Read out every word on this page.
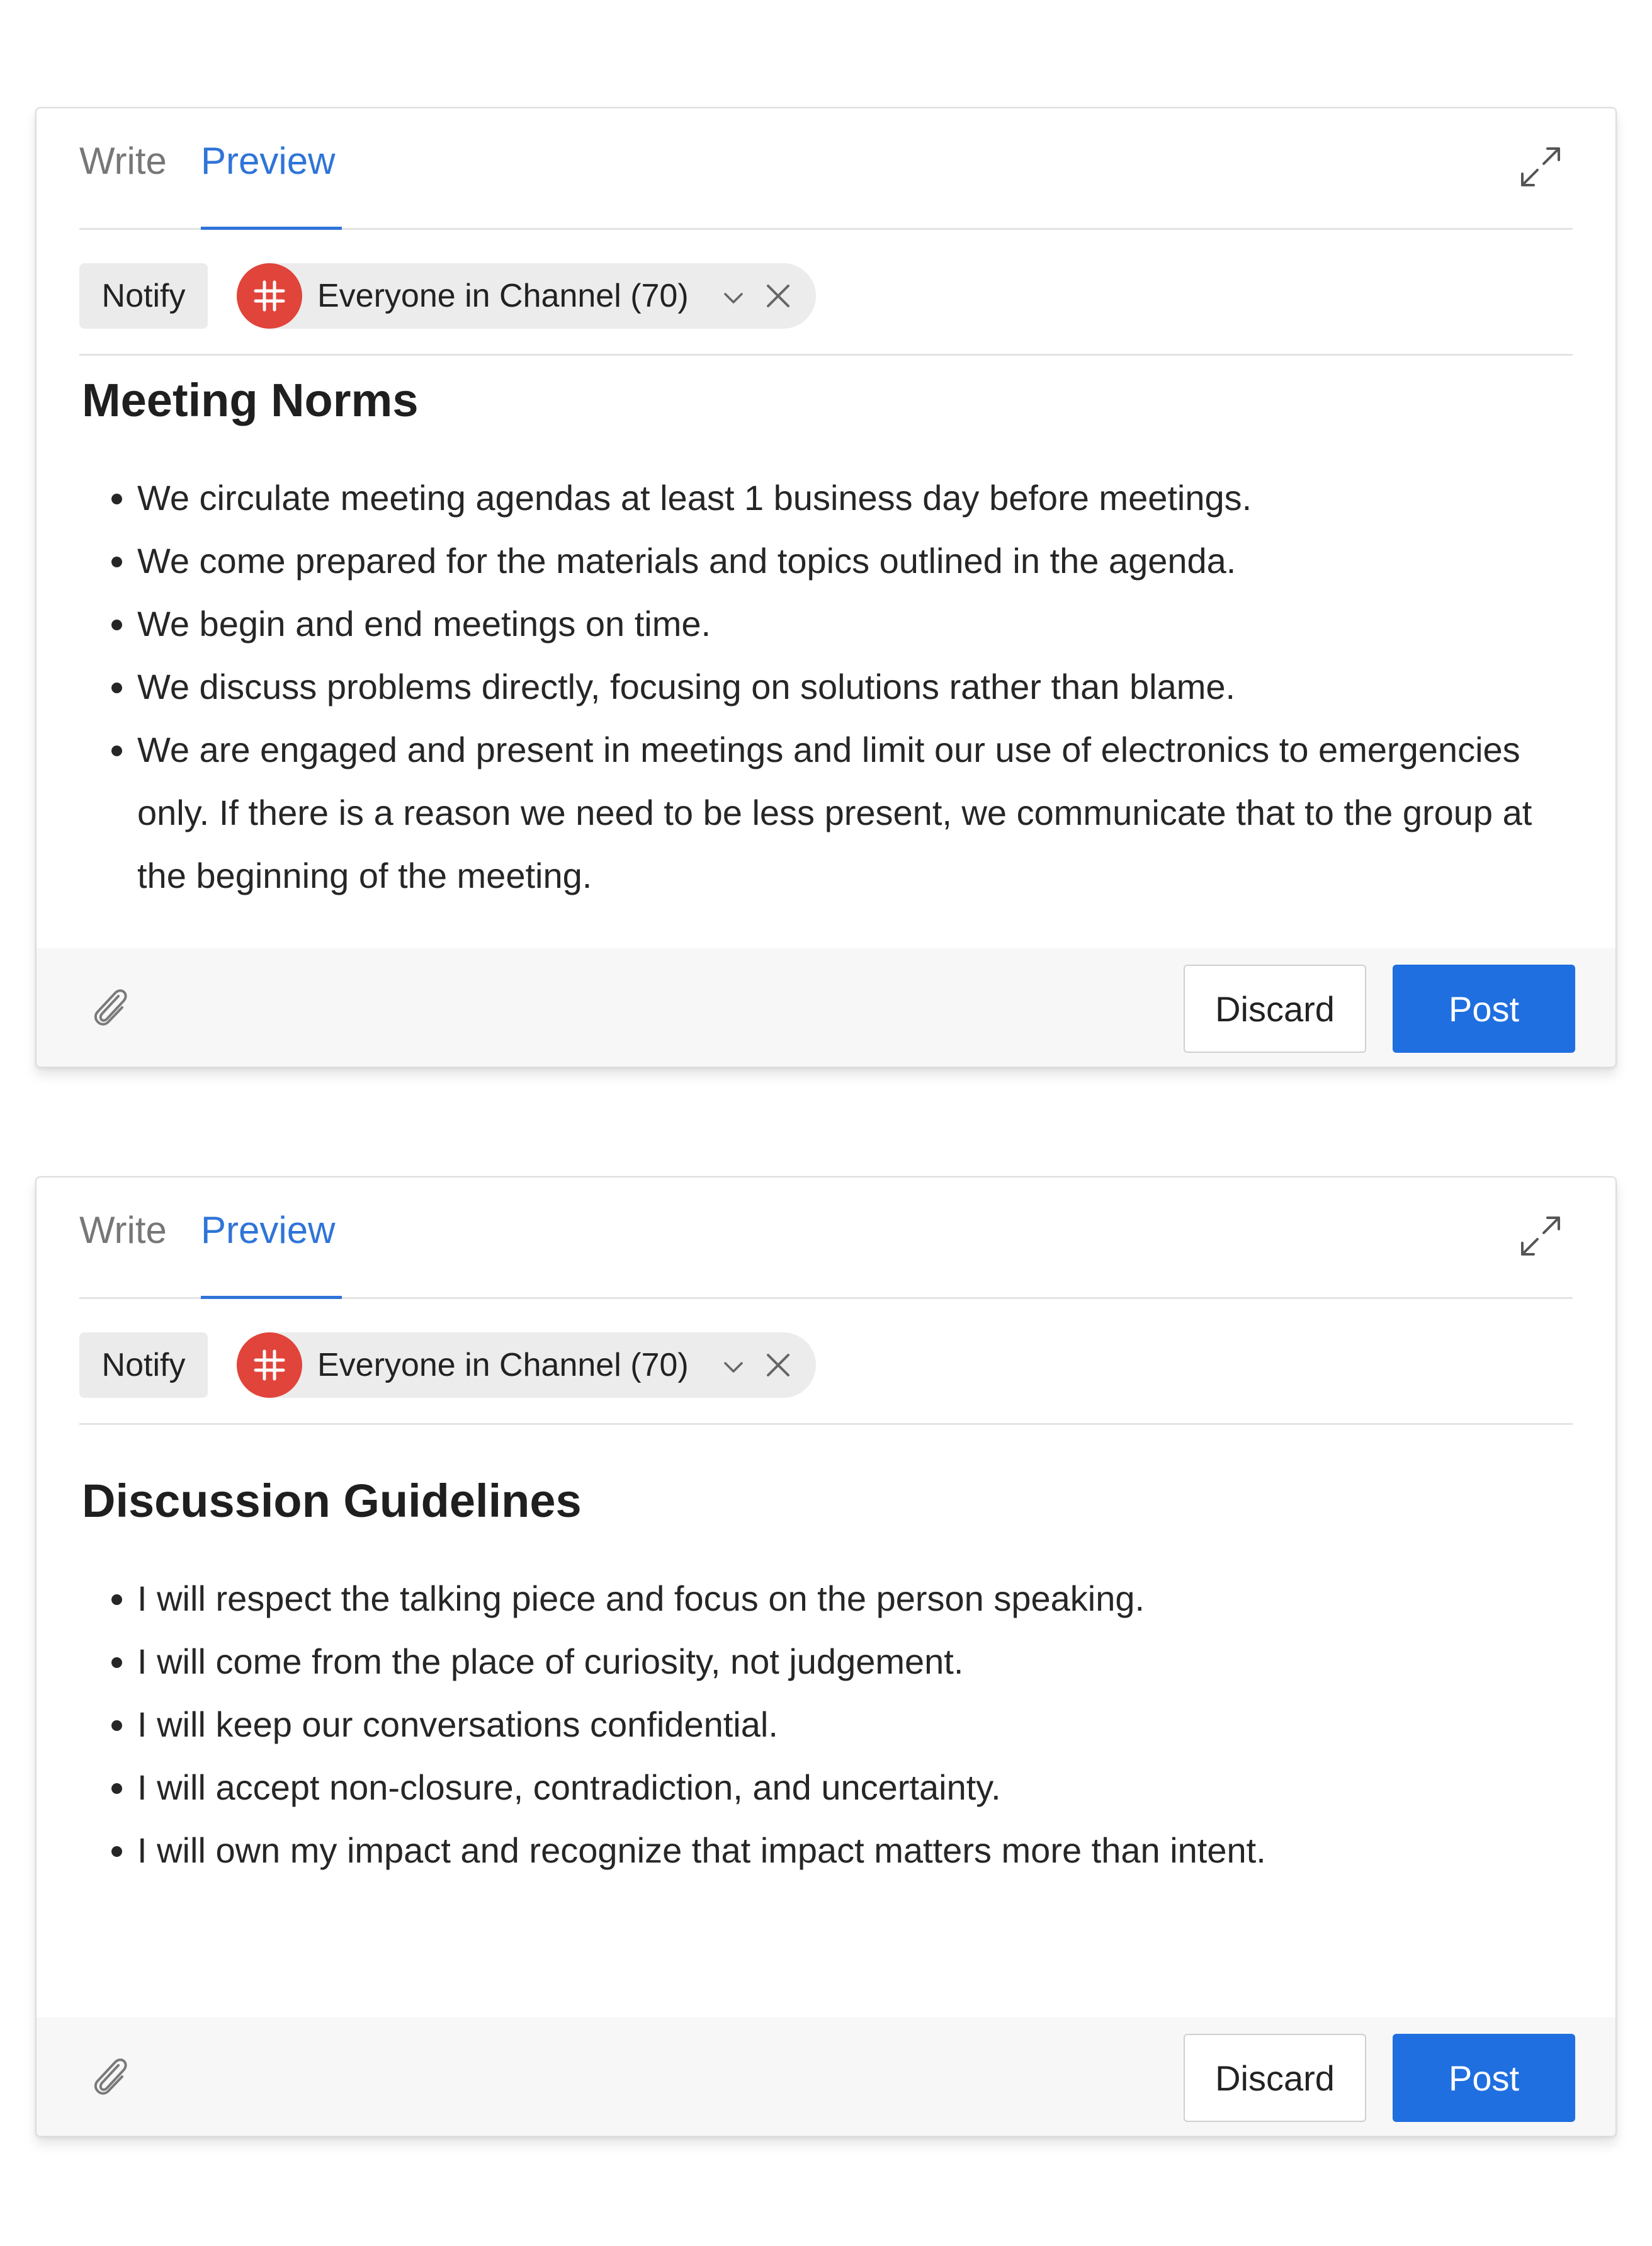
Write Preview
Notify	Everyone in Channel (70)
Meeting Norms
• We circulate meeting agendas at least 1 business day before meetings.
• We come prepared for the materials and topics outlined in the agenda.
• We begin and end meetings on time.
• We discuss problems directly, focusing on solutions rather than blame.
• We are engaged and present in meetings and limit our use of electronics to emergencies only. If there is a reason we need to be less present, we communicate that to the group at the beginning of the meeting.
Discard	Post
Write Preview
Notify	Everyone in Channel (70)
Discussion Guidelines
• I will respect the talking piece and focus on the person speaking.
• I will come from the place of curiosity, not judgement.
• I will keep our conversations confidential.
• I will accept non-closure, contradiction, and uncertainty.
• I will own my impact and recognize that impact matters more than intent.
Discard	Post
